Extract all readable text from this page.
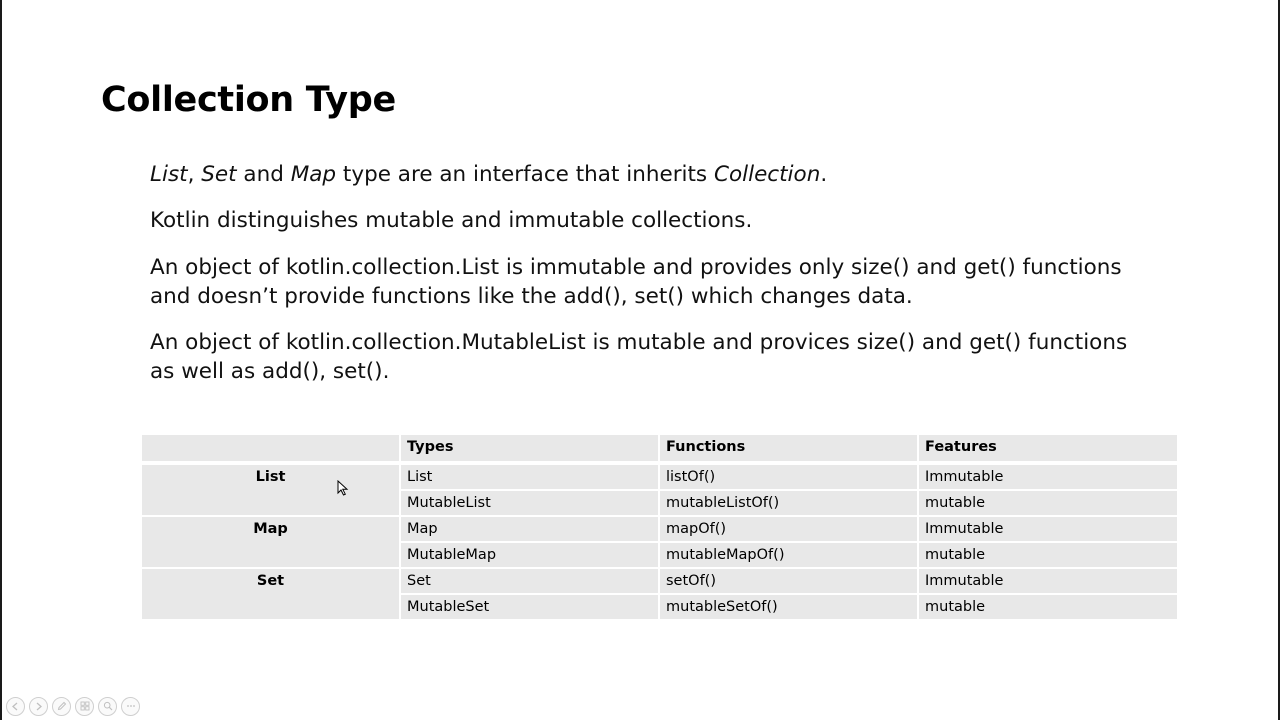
Collection Type

List, Set and Map type are an interface that inherits Collection.

Kotlin distinguishes mutable and immutable collections.

An object of kotlin.collection.List is immutable and provides only size() and get() functions and doesn’t provide functions like the add(), set() which changes data.

An object of kotlin.collection.MutableList is mutable and provices size() and get() functions as well as add(), set().

	Types	Functions	Features
List	List	listOf()	Immutable
	MutableList	mutableListOf()	mutable
Map	Map	mapOf()	Immutable
	MutableMap	mutableMapOf()	mutable
Set	Set	setOf()	Immutable
	MutableSet	mutableSetOf()	mutable
